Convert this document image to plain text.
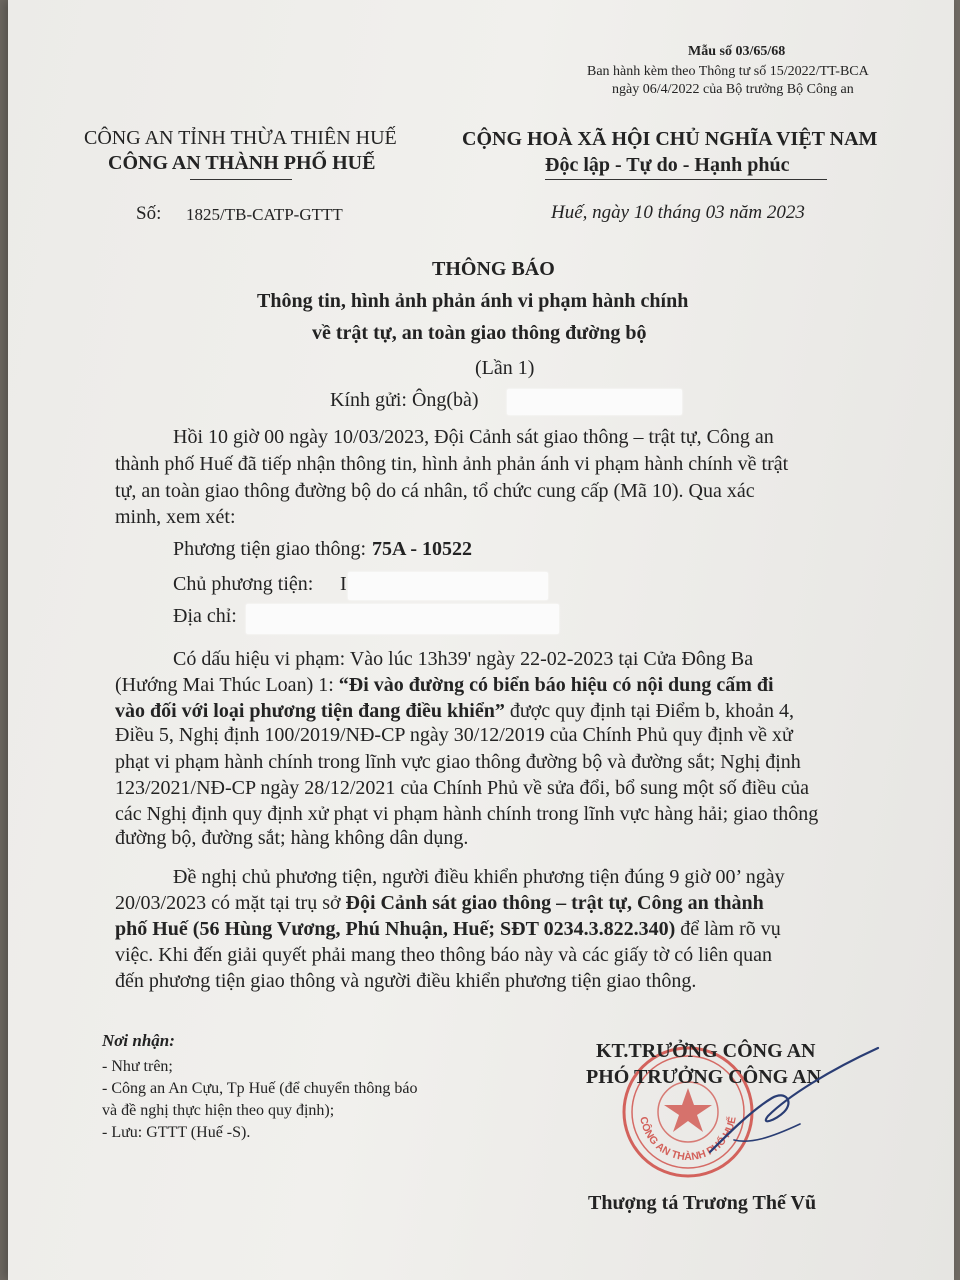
Mẫu số 03/65/68
Ban hành kèm theo Thông tư số 15/2022/TT-BCA
ngày 06/4/2022 của Bộ trưởng Bộ Công an
CÔNG AN TỈNH THỪA THIÊN HUẾ
CÔNG AN THÀNH PHỐ HUẾ
Số: 1825/TB-CATP-GTTT
CỘNG HOÀ XÃ HỘI CHỦ NGHĨA VIỆT NAM
Độc lập - Tự do - Hạnh phúc
Huế, ngày 10 tháng 03 năm 2023
THÔNG BÁO
Thông tin, hình ảnh phản ánh vi phạm hành chính
về trật tự, an toàn giao thông đường bộ
(Lần 1)
Kính gửi: Ông(bà)
Hồi 10 giờ 00 ngày 10/03/2023, Đội Cảnh sát giao thông – trật tự, Công an
thành phố Huế đã tiếp nhận thông tin, hình ảnh phản ánh vi phạm hành chính về trật
tự, an toàn giao thông đường bộ do cá nhân, tổ chức cung cấp (Mã 10). Qua xác
minh, xem xét:
Phương tiện giao thông: 75A - 10522
Chủ phương tiện: I
Địa chỉ:
Có dấu hiệu vi phạm: Vào lúc 13h39' ngày 22-02-2023 tại Cửa Đông Ba
(Hướng Mai Thúc Loan) 1: “Đi vào đường có biển báo hiệu có nội dung cấm đi
vào đối với loại phương tiện đang điều khiển” được quy định tại Điểm b, khoản 4,
Điều 5, Nghị định 100/2019/NĐ-CP ngày 30/12/2019 của Chính Phủ quy định về xử
phạt vi phạm hành chính trong lĩnh vực giao thông đường bộ và đường sắt; Nghị định
123/2021/NĐ-CP ngày 28/12/2021 của Chính Phủ về sửa đổi, bổ sung một số điều của
các Nghị định quy định xử phạt vi phạm hành chính trong lĩnh vực hàng hải; giao thông
đường bộ, đường sắt; hàng không dân dụng.
Đề nghị chủ phương tiện, người điều khiển phương tiện đúng 9 giờ 00’ ngày
20/03/2023 có mặt tại trụ sở Đội Cảnh sát giao thông – trật tự, Công an thành
phố Huế (56 Hùng Vương, Phú Nhuận, Huế; SĐT 0234.3.822.340) để làm rõ vụ
việc. Khi đến giải quyết phải mang theo thông báo này và các giấy tờ có liên quan
đến phương tiện giao thông và người điều khiển phương tiện giao thông.
Nơi nhận:
- Như trên;
- Công an An Cựu, Tp Huế (để chuyển thông báo
và đề nghị thực hiện theo quy định);
- Lưu: GTTT (Huế -S).
CÔNG AN THÀNH PHỐ HUẾ
KT.TRƯỞNG CÔNG AN
PHÓ TRƯỞNG CÔNG AN
Thượng tá Trương Thế Vũ
